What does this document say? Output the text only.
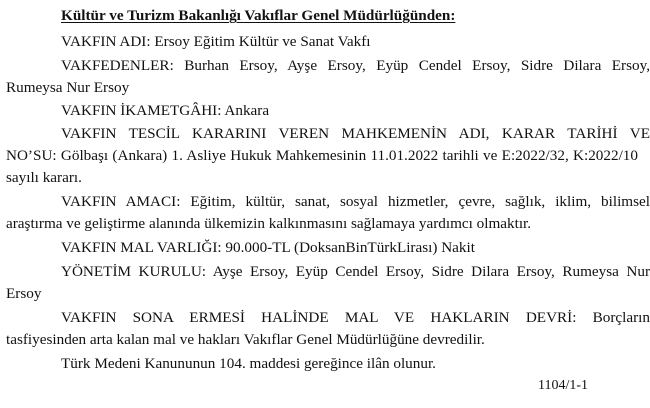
Kültür ve Turizm Bakanlığı Vakıflar Genel Müdürlüğünden:
VAKFIN ADI: Ersoy Eğitim Kültür ve Sanat Vakfı
VAKFEDENLER: Burhan Ersoy, Ayşe Ersoy, Eyüp Cendel Ersoy, Sidre Dilara Ersoy,
Rumeysa Nur Ersoy
VAKFIN İKAMETGÂHI: Ankara
VAKFIN TESCİL KARARINI VEREN MAHKEMENİN ADI, KARAR TARİHİ VE
NO’SU: Gölbaşı (Ankara) 1. Asliye Hukuk Mahkemesinin 11.01.2022 tarihli ve E:2022/32, K:2022/10
sayılı kararı.
VAKFIN AMACI: Eğitim, kültür, sanat, sosyal hizmetler, çevre, sağlık, iklim, bilimsel
araştırma ve geliştirme alanında ülkemizin kalkınmasını sağlamaya yardımcı olmaktır.
VAKFIN MAL VARLIĞI: 90.000-TL (DoksanBinTürkLirası) Nakit
YÖNETİM KURULU: Ayşe Ersoy, Eyüp Cendel Ersoy, Sidre Dilara Ersoy, Rumeysa Nur
Ersoy
VAKFIN SONA ERMESİ HALİNDE MAL VE HAKLARIN DEVRİ: Borçların
tasfiyesinden arta kalan mal ve hakları Vakıflar Genel Müdürlüğüne devredilir.
Türk Medeni Kanununun 104. maddesi gereğince ilân olunur.
1104/1-1
